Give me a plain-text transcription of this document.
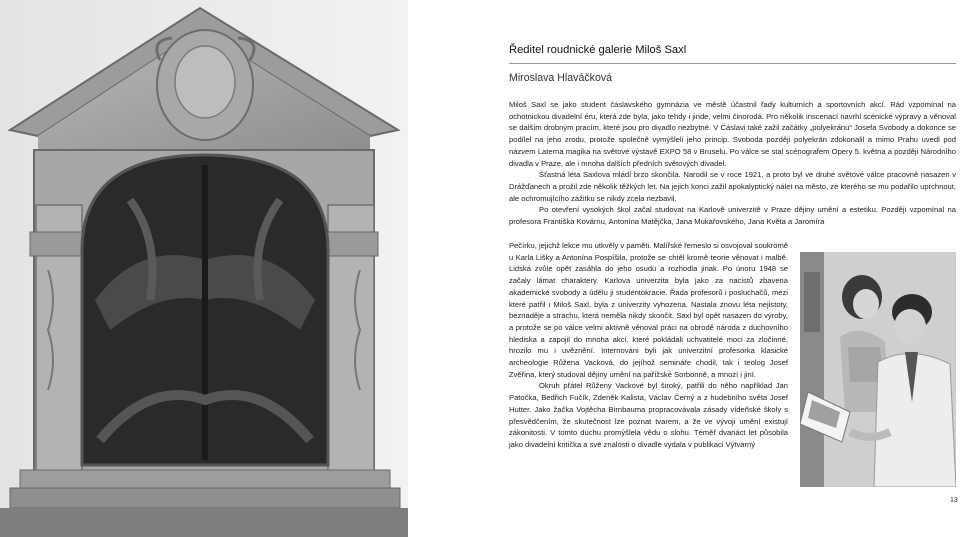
Ředitel roudnické galerie Miloš Saxl
Miroslava Hlaváčková

Miloš Saxl se jako student čáslavského gymnázia ve městě účastnil řady kulturních a sportovních akcí. Rád vzpomínal na ochotnickou divadelní éru, která zde byla, jako tehdy i jinde, velmi činorodá. Pro několik inscenací navrhl scénické výpravy a věnoval se dalším drobným pracím, které jsou pro divadlo nezbytné. V Čáslavi také zažil začátky „polyekránu“ Josefa Svobody a dokonce se podílel na jeho zrodu, protože společně vymýšleli jeho princip. Svoboda později polyekrán zdokonalil a mimo Prahu uvedl pod názvem Laterna magika na světové výstavě EXPO 58 v Bruselu. Po válce se stal scénografem Opery 5. května a později Národního divadla v Praze, ale i mnoha dalších předních světových divadel.

Šťastná léta Saxlova mládí brzo skončila. Narodil se v roce 1921, a proto byl ve druhé světové válce pracovně nasazen v Drážďanech a prožil zde několik těžkých let. Na jejich konci zažil apokalyptický nálet na město, ze kterého se mu podařilo uprchnout, ale ochromujícího zážitku se nikdy zcela nezbavil.

Po otevření vysokých škol začal studovat na Karlově univerzitě v Praze dějiny umění a estetiku. Později vzpomínal na profesora Františka Kovárnu, Antonína Matějčka, Jana Mukařovského, Jana Květa a Jaromíra

Pečírku, jejichž lekce mu utkvěly v paměti. Malířské řemeslo si osvojoval soukromě u Karla Lišky a Antonína Pospíšila, protože se chtěl kromě teorie věnovat i malbě. Lidská zvůle opět zasáhla do jeho osudu a rozhodla jinak. Po únoru 1948 se začaly lámat charaktery. Karlova univerzita byla jako za nacistů zbavena akademické svobody a údělu ji studentokracie. Řada profesorů i posluchačů, mezi které patřil i Miloš Saxl, byla z univerzity vyhozena. Nastala znovu léta nejistoty, beznaděje a strachu, která neměla nikdy skončit. Saxl byl opět nasazen do výroby, a protože se po válce velmi aktivně věnoval práci na obrodě národa z duchovního hlediska a zapojil do mnoha akcí, které pokládali uchvatitelé moci za zločinné, hrozilo mu i uvěznění. Internováni byli jak univerzitní profesorka klasické archeologie Růžena Vacková, do jejíhož semináře chodil, tak i teolog Josef Zvěřina, který studoval dějiny umění na pařížské Sorbonně, a mnozí i jiní.

Okruh přátel Růženy Vackové byl široký, patřili do něho například Jan Patočka, Bedřich Fučík, Zdeněk Kalista, Václav Černý a z hudebního světa Josef Hutter. Jako žačka Vojtěcha Birnbauma propracovávala zásady vídeňské školy s přesvědčením, že skutečnost lze poznat tvarem, a že ve vývoji umění existují zákonitosti. V tomto duchu promýšlela vědu o slohu. Téměř dvanáct let působila jako divadelní kritička a své znalosti o divadle vydala v publikaci Výtvarný

13
